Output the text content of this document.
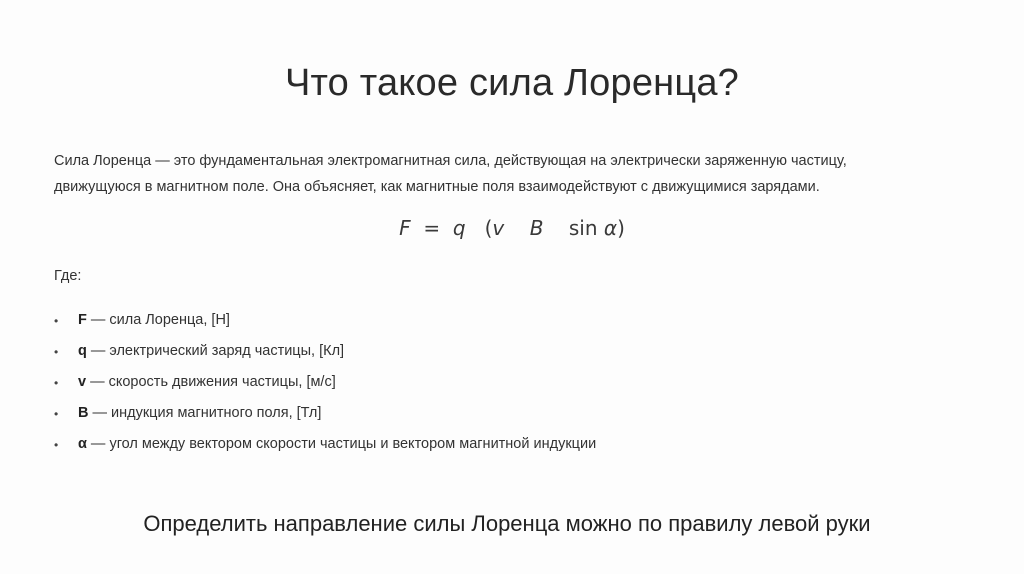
Что такое сила Лоренца?
Сила Лоренца — это фундаментальная электромагнитная сила, действующая на электрически заряженную частицу,
движущуюся в магнитном поле. Она объясняет, как магнитные поля взаимодействуют с движущимися зарядами.
F = q (v B sin α)
Где:
•	F — сила Лоренца, [Н]
•	q — электрический заряд частицы, [Кл]
•	v — скорость движения частицы, [м/с]
•	B — индукция магнитного поля, [Тл]
•	α — угол между вектором скорости частицы и вектором магнитной индукции
Определить направление силы Лоренца можно по правилу левой руки
